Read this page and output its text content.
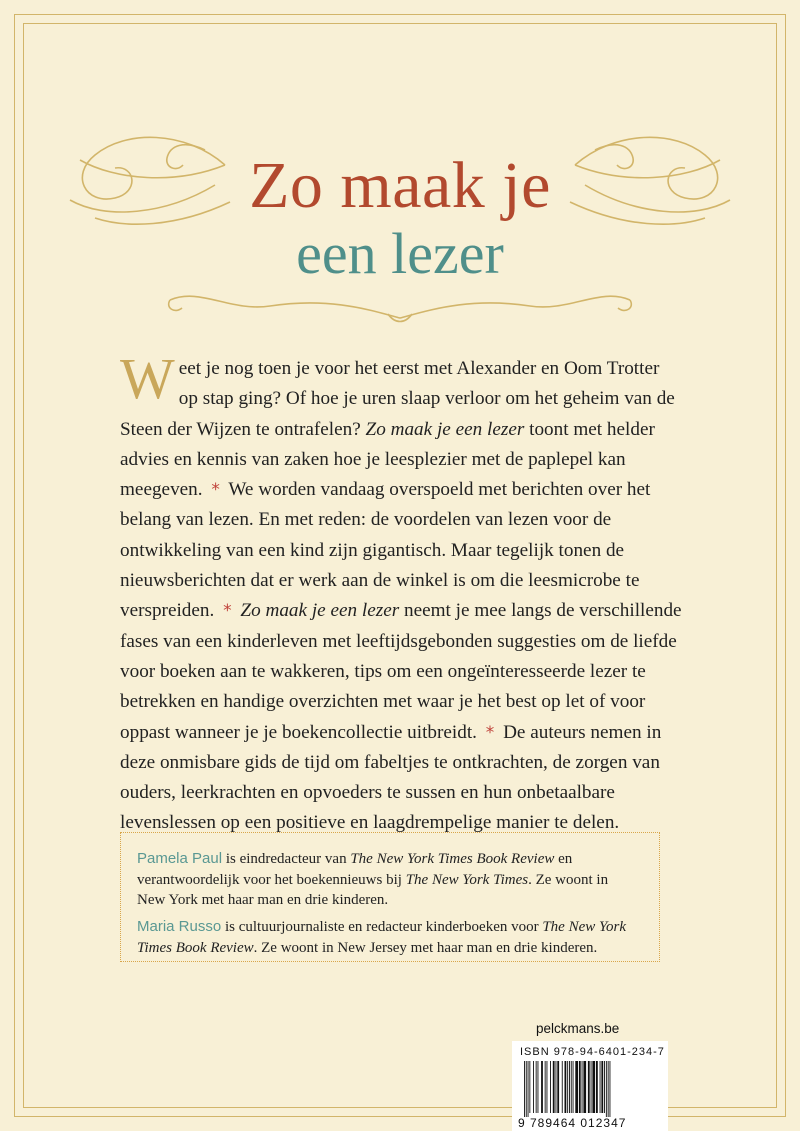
Zo maak je
een lezer
W eet je nog toen je voor het eerst met Alexander en Oom Trotter
op stap ging? Of hoe je uren slaap verloor om het geheim van de
Steen der Wijzen te ontrafelen? Zo maak je een lezer toont met helder
advies en kennis van zaken hoe je leesplezier met de paplepel kan
meegeven. * We worden vandaag overspoeld met berichten over het
belang van lezen. En met reden: de voordelen van lezen voor de
ontwikkeling van een kind zijn gigantisch. Maar tegelijk tonen de
nieuwsberichten dat er werk aan de winkel is om die leesmicrobe te
verspreiden. * Zo maak je een lezer neemt je mee langs de verschillende
fases van een kinderleven met leeftijdsgebonden suggesties om de liefde
voor boeken aan te wakkeren, tips om een ongeïnteresseerde lezer te
betrekken en handige overzichten met waar je het best op let of voor
oppast wanneer je je boekencollectie uitbreidt. * De auteurs nemen in
deze onmisbare gids de tijd om fabeltjes te ontkrachten, de zorgen van
ouders, leerkrachten en opvoeders te sussen en hun onbetaalbare
levenslessen op een positieve en laagdrempelige manier te delen.
Pamela Paul is eindredacteur van The New York Times Book Review en
verantwoordelijk voor het boekennieuws bij The New York Times. Ze woont in
New York met haar man en drie kinderen.
Maria Russo is cultuurjournaliste en redacteur kinderboeken voor The New York
Times Book Review. Ze woont in New Jersey met haar man en drie kinderen.
pelckmans.be
ISBN 978-94-6401-234-7
9 789464 012347
